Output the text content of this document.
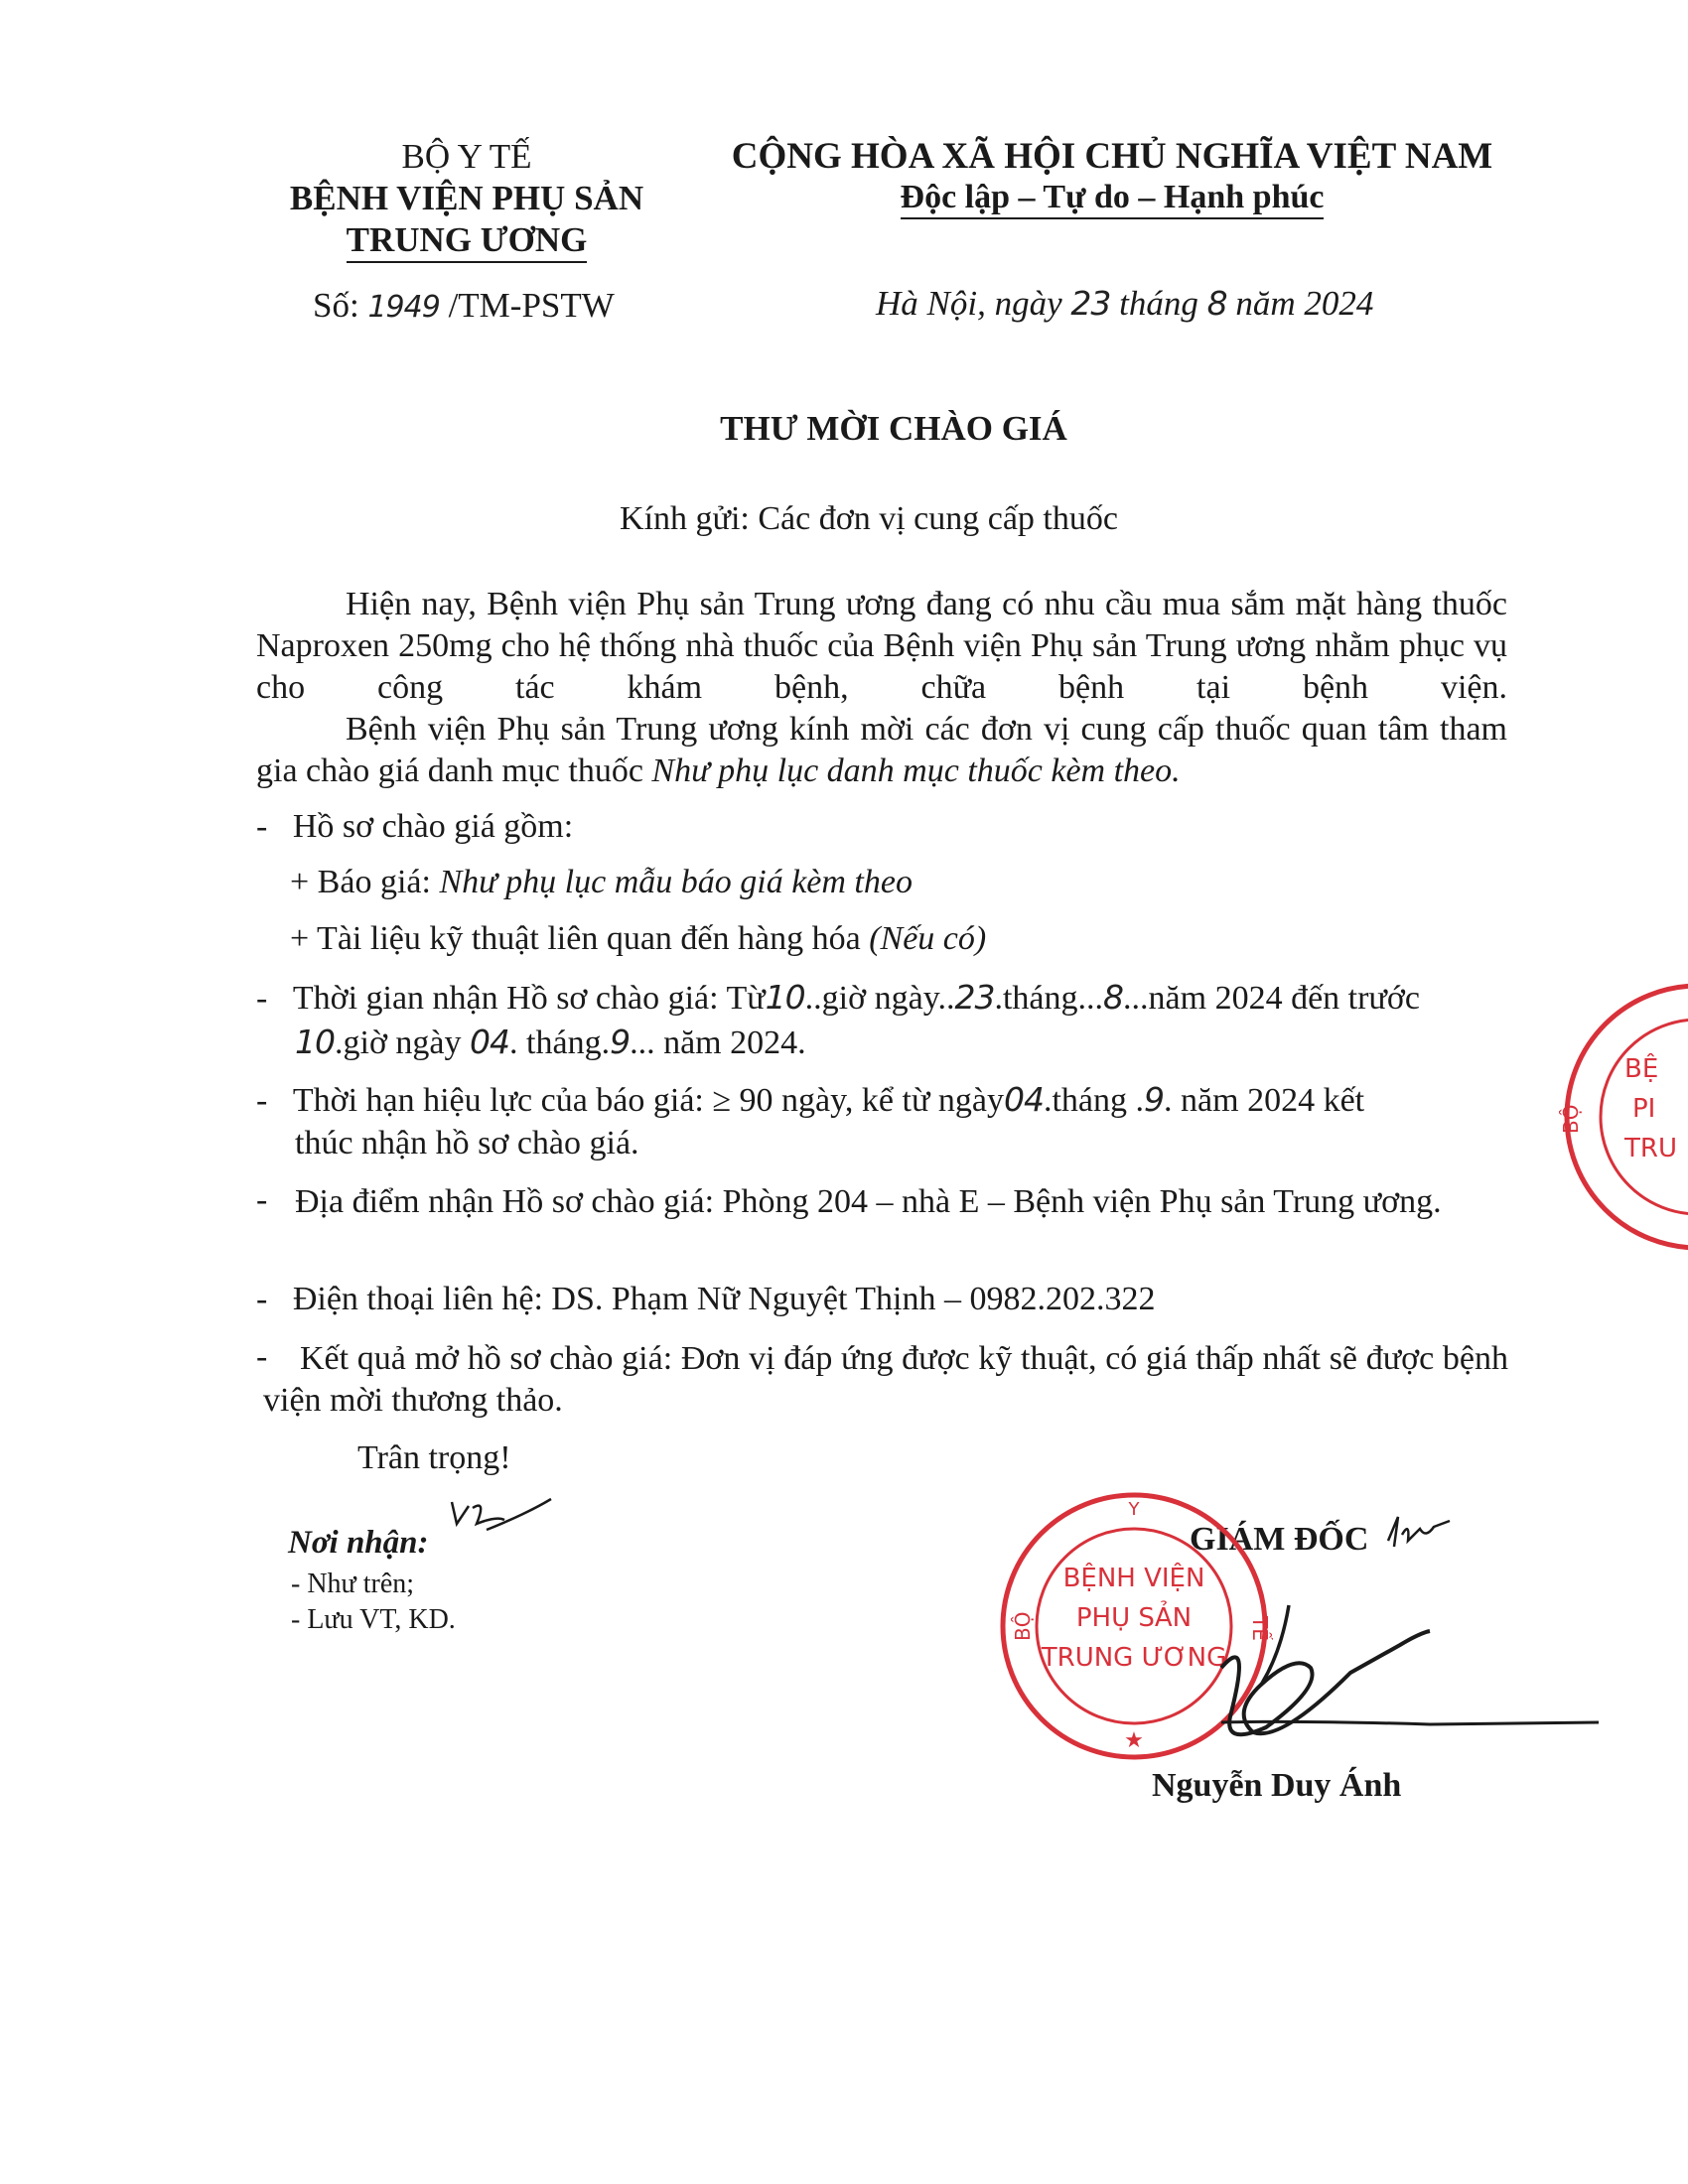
BỘ Y TẾ
BỆNH VIỆN PHỤ SẢN
TRUNG ƯƠNG
Số: 1949 /TM-PSTW
CỘNG HÒA XÃ HỘI CHỦ NGHĨA VIỆT NAM
Độc lập – Tự do – Hạnh phúc
Hà Nội, ngày 23 tháng 8 năm 2024
THƯ MỜI CHÀO GIÁ
Kính gửi: Các đơn vị cung cấp thuốc
Hiện nay, Bệnh viện Phụ sản Trung ương đang có nhu cầu mua sắm mặt hàng thuốc Naproxen 250mg cho hệ thống nhà thuốc của Bệnh viện Phụ sản Trung ương nhằm phục vụ cho công tác khám bệnh, chữa bệnh tại bệnh viện.
Bệnh viện Phụ sản Trung ương kính mời các đơn vị cung cấp thuốc quan tâm tham gia chào giá danh mục thuốc Như phụ lục danh mục thuốc kèm theo.
-   Hồ sơ chào giá gồm:
+ Báo giá: Như phụ lục mẫu báo giá kèm theo
+ Tài liệu kỹ thuật liên quan đến hàng hóa (Nếu có)
-   Thời gian nhận Hồ sơ chào giá: Từ10..giờ ngày..23.tháng...8...năm 2024 đến trước
10.giờ ngày 04. tháng.9... năm 2024.
-   Thời hạn hiệu lực của báo giá: ≥ 90 ngày, kể từ ngày04.tháng .9. năm 2024 kết
thúc nhận hồ sơ chào giá.
- Địa điểm nhận Hồ sơ chào giá: Phòng 204 – nhà E – Bệnh viện Phụ sản Trung ương.
-   Điện thoại liên hệ: DS. Phạm Nữ Nguyệt Thịnh – 0982.202.322
- Kết quả mở hồ sơ chào giá: Đơn vị đáp ứng được kỹ thuật, có giá thấp nhất sẽ được bệnh viện mời thương thảo.
Trân trọng!
Nơi nhận:
- Như trên;
- Lưu VT, KD.
GIÁM ĐỐC
Y
BỘ	TẾ
BỆNH VIỆN
PHỤ SẢN
TRUNG ƯƠNG
★
Nguyễn Duy Ánh
BỘ
BỆ
PI
TRU
